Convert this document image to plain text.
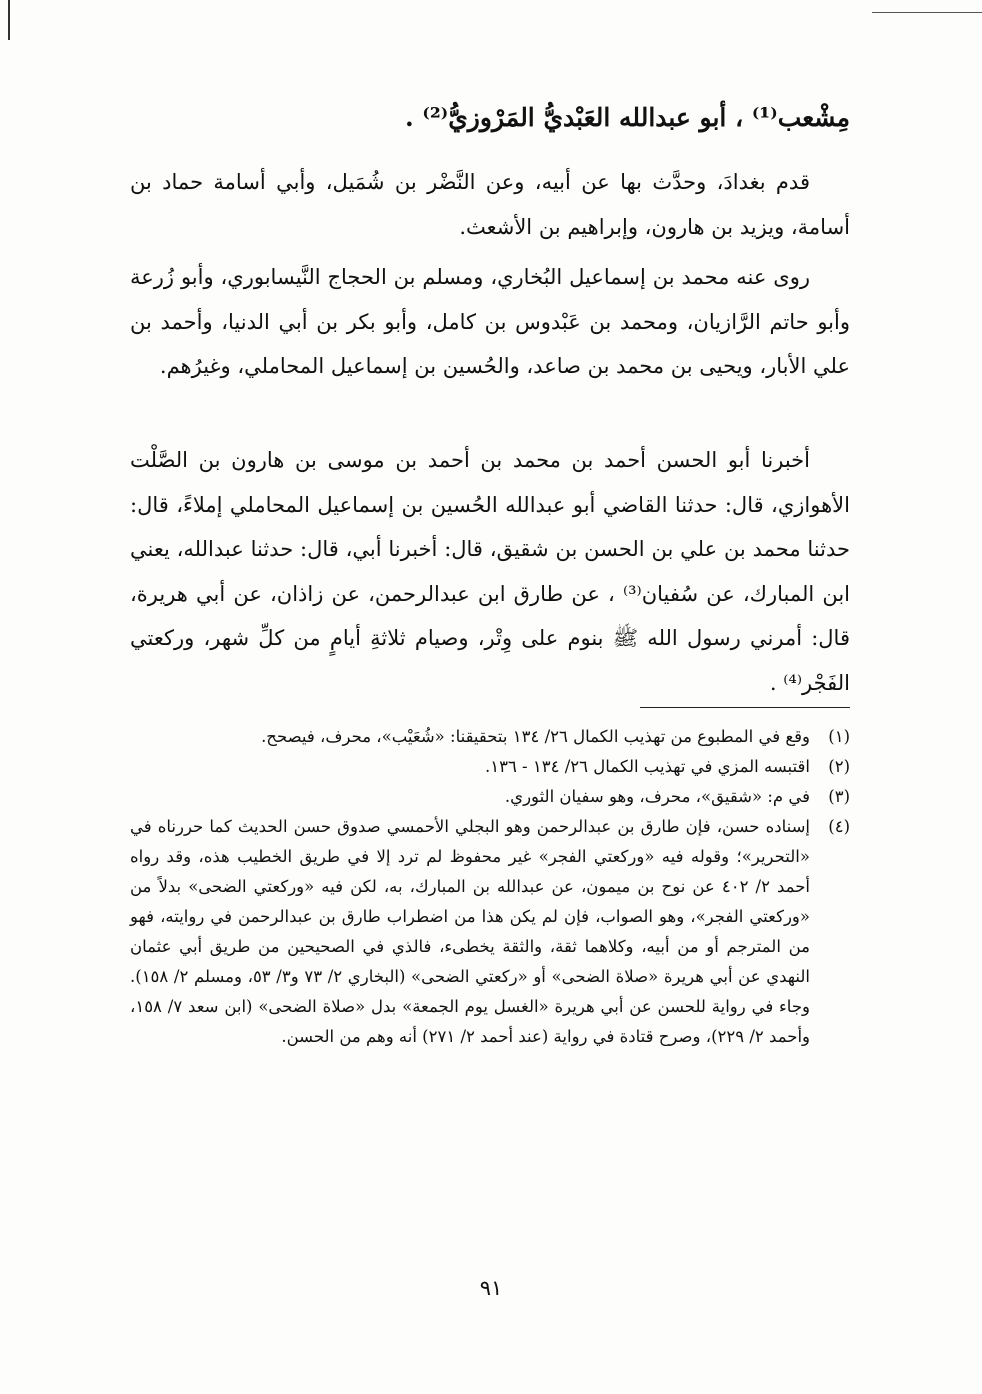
مِشْعب⁽¹⁾ ، أبو عبدالله العَبْديُّ المَرْوزيُّ⁽²⁾ .

قدم بغدادَ، وحدَّث بها عن أبيه، وعن النَّضْر بن شُمَيل، وأبي أسامة حماد بن أسامة، ويزيد بن هارون، وإبراهيم بن الأشعث.

روى عنه محمد بن إسماعيل البُخاري، ومسلم بن الحجاج النَّيسابوري، وأبو زُرعة وأبو حاتم الرَّازيان، ومحمد بن عَبْدوس بن كامل، وأبو بكر بن أبي الدنيا، وأحمد بن علي الأبار، ويحيى بن محمد بن صاعد، والحُسين بن إسماعيل المحاملي، وغيرُهم.

أخبرنا أبو الحسن أحمد بن محمد بن أحمد بن موسى بن هارون بن الصَّلْت الأهوازي، قال: حدثنا القاضي أبو عبدالله الحُسين بن إسماعيل المحاملي إملاءً، قال: حدثنا محمد بن علي بن الحسن بن شقيق، قال: أخبرنا أبي، قال: حدثنا عبدالله، يعني ابن المبارك، عن سُفيان⁽³⁾ ، عن طارق ابن عبدالرحمن، عن زاذان، عن أبي هريرة، قال: أمرني رسول الله ﷺ بنوم على وِتْر، وصيام ثلاثةِ أيامٍ من كلِّ شهر، وركعتي الفَجْر⁽⁴⁾ .

(١)
وقع في المطبوع من تهذيب الكمال ٢٦/ ١٣٤ بتحقيقنا: «شُعَيْب»، محرف، فيصحح.
(٢)
اقتبسه المزي في تهذيب الكمال ٢٦/ ١٣٤ - ١٣٦.
(٣)
في م: «شقيق»، محرف، وهو سفيان الثوري.
(٤)
إسناده حسن، فإن طارق بن عبدالرحمن وهو البجلي الأحمسي صدوق حسن الحديث كما حررناه في «التحرير»؛ وقوله فيه «وركعتي الفجر» غير محفوظ لم ترد إلا في طريق الخطيب هذه، وقد رواه أحمد ٢/ ٤٠٢ عن نوح بن ميمون، عن عبدالله بن المبارك، به، لكن فيه «وركعتي الضحى» بدلاً من «وركعتي الفجر»، وهو الصواب، فإن لم يكن هذا من اضطراب طارق بن عبدالرحمن في روايته، فهو من المترجم أو من أبيه، وكلاهما ثقة، والثقة يخطىء، فالذي في الصحيحين من طريق أبي عثمان النهدي عن أبي هريرة «صلاة الضحى» أو «ركعتي الضحى» (البخاري ٢/ ٧٣ و٣/ ٥٣، ومسلم ٢/ ١٥٨). وجاء في رواية للحسن عن أبي هريرة «الغسل يوم الجمعة» بدل «صلاة الضحى» (ابن سعد ٧/ ١٥٨، وأحمد ٢/ ٢٢٩)، وصرح قتادة في رواية (عند أحمد ٢/ ٢٧١) أنه وهم من الحسن.
٩١
